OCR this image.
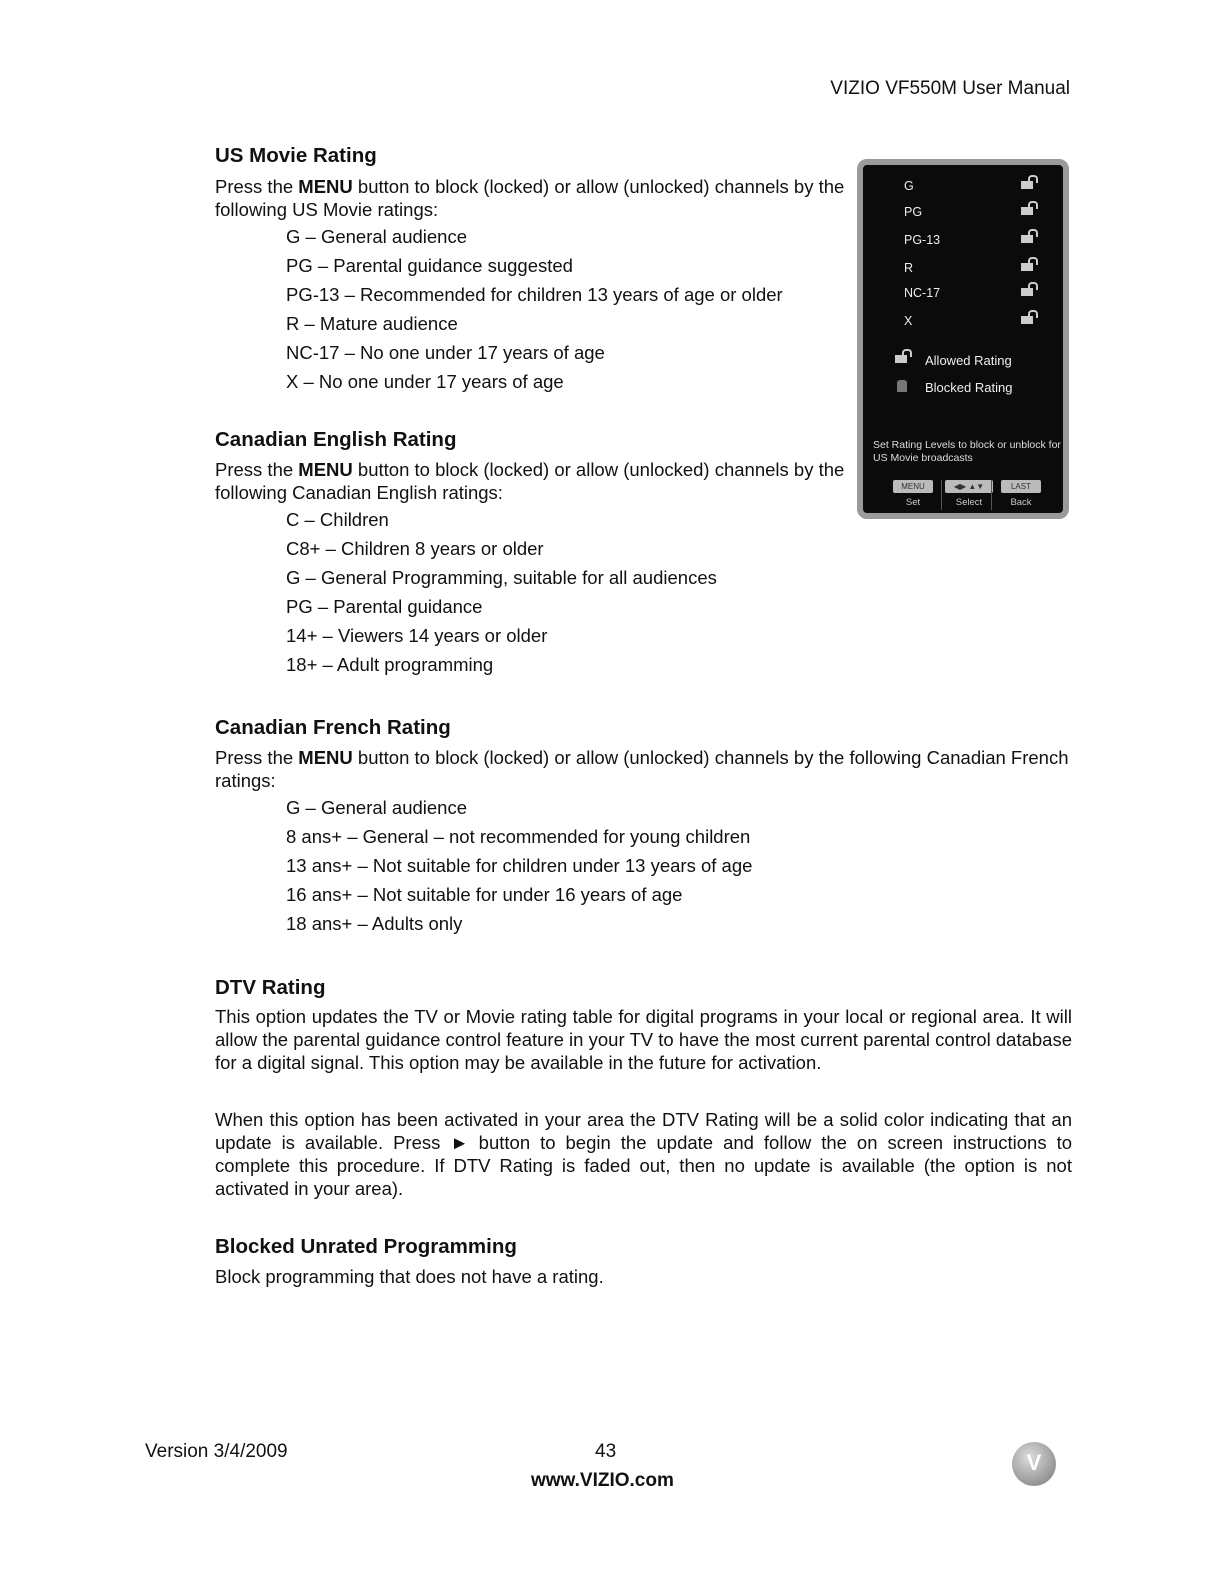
VIZIO VF550M User Manual
US Movie Rating

Press the MENU button to block (locked) or allow (unlocked) channels by the following US Movie ratings:

G – General audience
PG – Parental guidance suggested
PG-13 – Recommended for children 13 years of age or older
R – Mature audience
NC-17 – No one under 17 years of age
X – No one under 17 years of age
G
PG
PG-13
R
NC-17
X
Allowed Rating
Blocked Rating
Set Rating Levels to block or unblock for US Movie broadcasts
MENU
Set
◀▶ ▲▼
Select
LAST
Back
Canadian English Rating

Press the MENU button to block (locked) or allow (unlocked) channels by the following Canadian English ratings:

C – Children
C8+ – Children 8 years or older
G – General Programming, suitable for all audiences
PG – Parental guidance
14+ – Viewers 14 years or older
18+ – Adult programming
Canadian French Rating

Press the MENU button to block (locked) or allow (unlocked) channels by the following Canadian French ratings:

G – General audience
8 ans+ – General – not recommended for young children
13 ans+ – Not suitable for children under 13 years of age
16 ans+ – Not suitable for under 16 years of age
18 ans+ – Adults only
DTV Rating

This option updates the TV or Movie rating table for digital programs in your local or regional area. It will allow the parental guidance control feature in your TV to have the most current parental control database for a digital signal. This option may be available in the future for activation.

When this option has been activated in your area the DTV Rating will be a solid color indicating that an update is available. Press ► button to begin the update and follow the on screen instructions to complete this procedure. If DTV Rating is faded out, then no update is available (the option is not activated in your area).

Blocked Unrated Programming

Block programming that does not have a rating.

Version 3/4/2009	43
www.VIZIO.com
V
